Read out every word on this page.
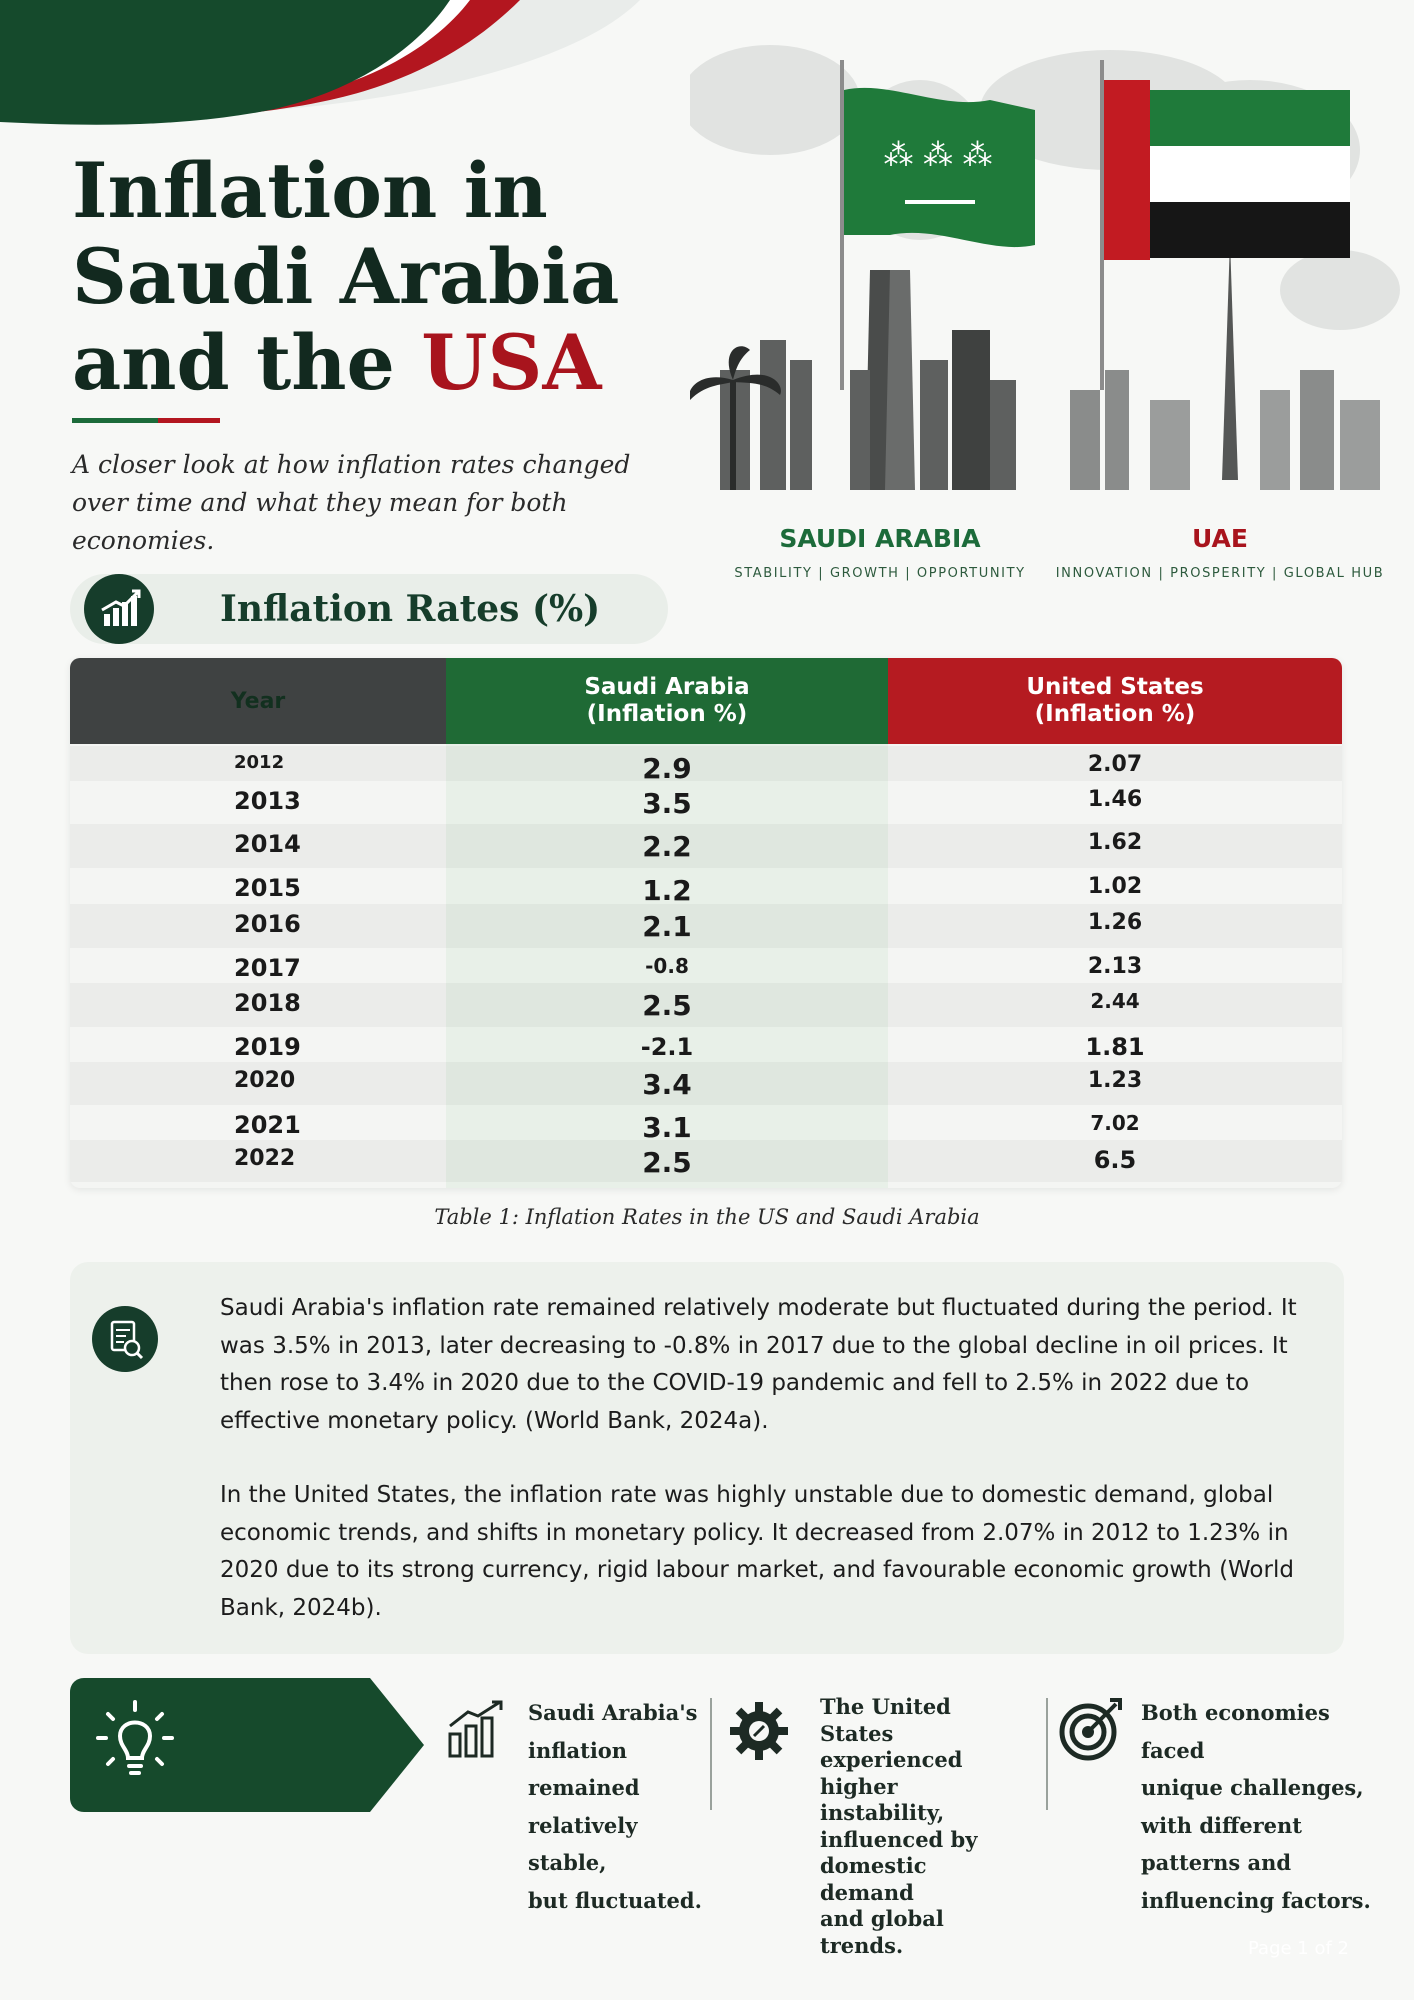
⁂ ⁂ ⁂
Inflation in
Saudi Arabia
and the USA
A closer look at how inflation rates changed over time and what they mean for both economies.	SAUDI ARABIA
STABILITY | GROWTH | OPPORTUNITY
UAE
INNOVATION | PROSPERITY | GLOBAL HUB
Inflation Rates (%)
Year
Saudi Arabia
(Inflation %)
United States
(Inflation %)
2012	2.9	2.07
2013	3.5	1.46
2014	2.2	1.62
2015	1.2	1.02
2016	2.1	1.26
2017	-0.8	2.13
2018	2.5	2.44
2019	-2.1	1.81
2020	3.4	1.23
2021	3.1	7.02
2022	2.5	6.5
Table 1: Inflation Rates in the US and Saudi Arabia
Saudi Arabia's inflation rate remained relatively moderate but fluctuated during the period. It was 3.5% in 2013, later decreasing to -0.8% in 2017 due to the global decline in oil prices. It then rose to 3.4% in 2020 due to the COVID-19 pandemic and fell to 2.5% in 2022 due to effective monetary policy. (World Bank, 2024a).
In the United States, the inflation rate was highly unstable due to domestic demand, global economic trends, and shifts in monetary policy. It decreased from 2.07% in 2012 to 1.23% in 2020 due to its strong currency, rigid labour market, and favourable economic growth (World Bank, 2024b).
Saudi Arabia's
inflation
remained
relatively stable,
but fluctuated.
The United States
experienced higher
instability,
influenced by
domestic demand
and global trends.
Both economies faced
unique challenges,
with different
patterns and
influencing factors.
Page 1 of 2
